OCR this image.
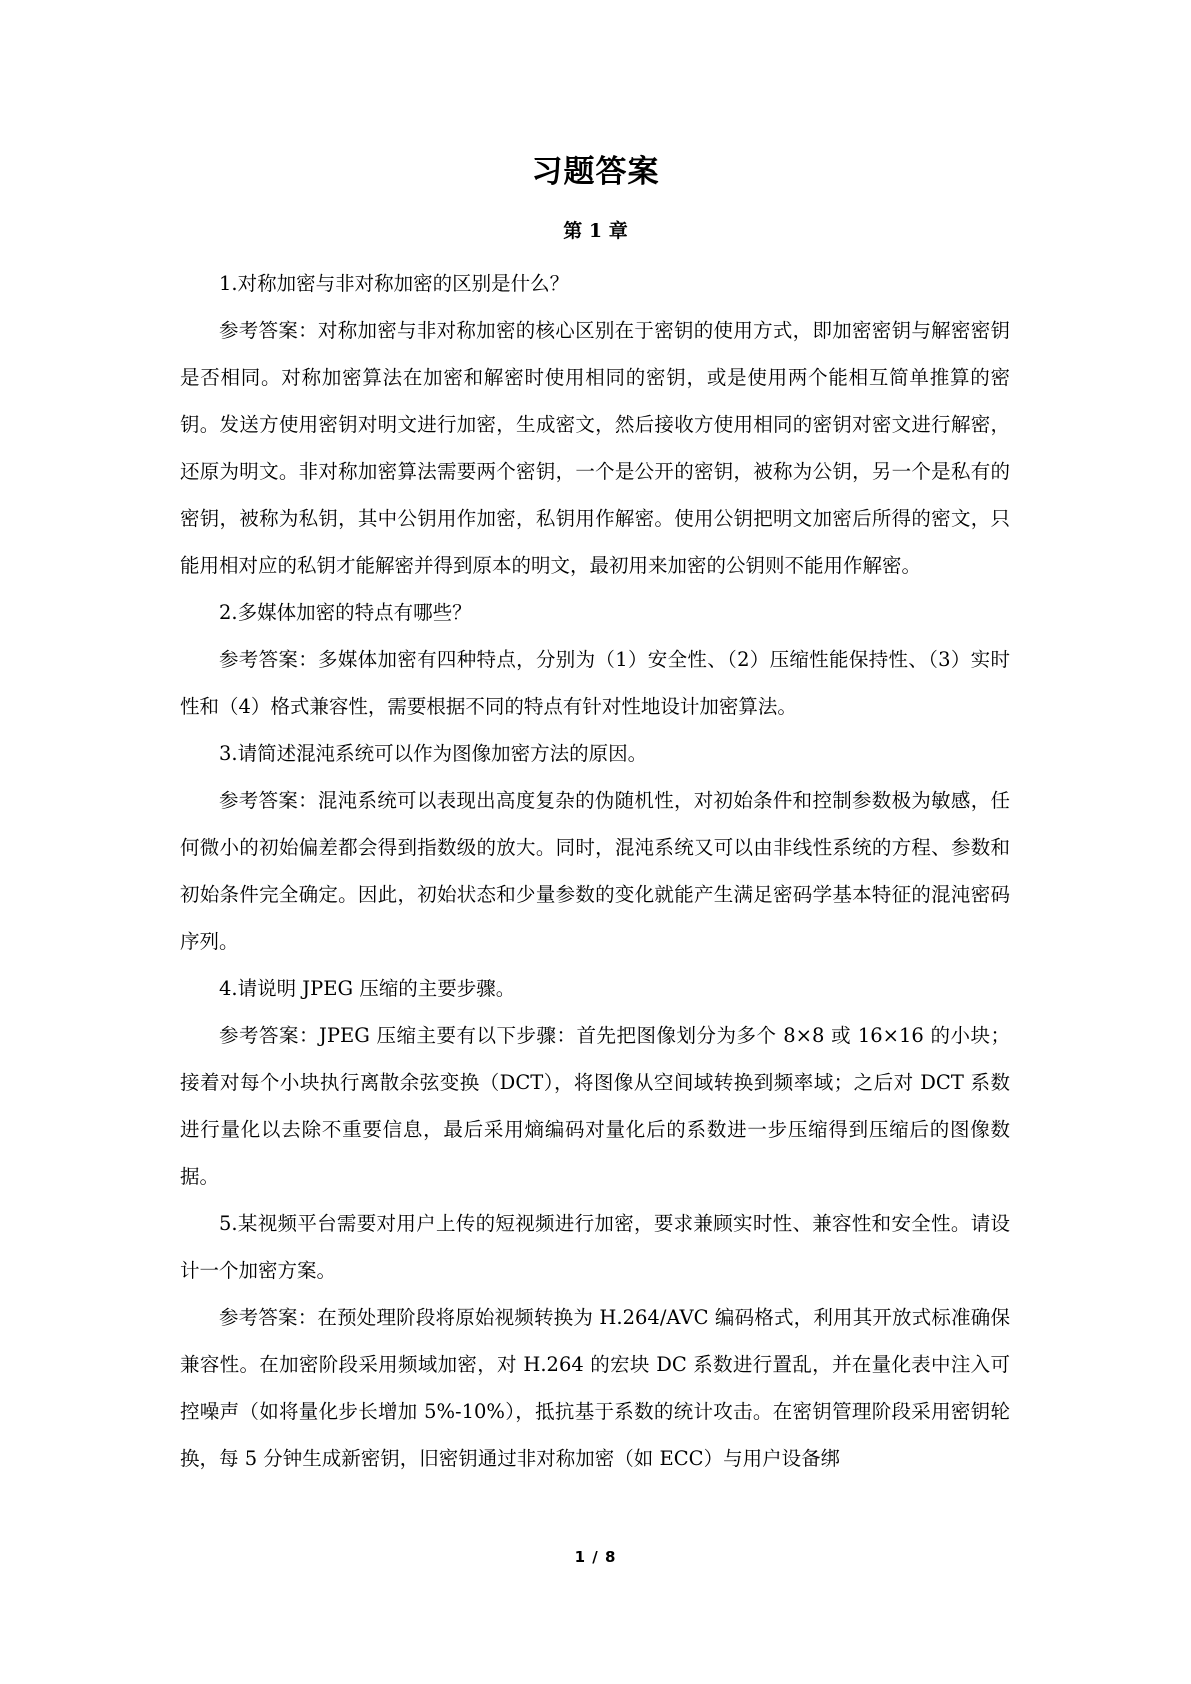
习题答案
第 1 章

1.对称加密与非对称加密的区别是什么？

参考答案：对称加密与非对称加密的核心区别在于密钥的使用方式，即加密密钥与解密密钥是否相同。对称加密算法在加密和解密时使用相同的密钥，或是使用两个能相互简单推算的密钥。发送方使用密钥对明文进行加密，生成密文，然后接收方使用相同的密钥对密文进行解密，还原为明文。非对称加密算法需要两个密钥，一个是公开的密钥，被称为公钥，另一个是私有的密钥，被称为私钥，其中公钥用作加密，私钥用作解密。使用公钥把明文加密后所得的密文，只能用相对应的私钥才能解密并得到原本的明文，最初用来加密的公钥则不能用作解密。

2.多媒体加密的特点有哪些？

参考答案：多媒体加密有四种特点，分别为（1）安全性、（2）压缩性能保持性、（3）实时性和（4）格式兼容性，需要根据不同的特点有针对性地设计加密算法。

3.请简述混沌系统可以作为图像加密方法的原因。

参考答案：混沌系统可以表现出高度复杂的伪随机性，对初始条件和控制参数极为敏感，任何微小的初始偏差都会得到指数级的放大。同时，混沌系统又可以由非线性系统的方程、参数和初始条件完全确定。因此，初始状态和少量参数的变化就能产生满足密码学基本特征的混沌密码序列。

4.请说明 JPEG 压缩的主要步骤。

参考答案：JPEG 压缩主要有以下步骤：首先把图像划分为多个 8×8 或 16×16 的小块；接着对每个小块执行离散余弦变换（DCT），将图像从空间域转换到频率域；之后对 DCT 系数进行量化以去除不重要信息，最后采用熵编码对量化后的系数进一步压缩得到压缩后的图像数据。

5.某视频平台需要对用户上传的短视频进行加密，要求兼顾实时性、兼容性和安全性。请设计一个加密方案。

参考答案：在预处理阶段将原始视频转换为 H.264/AVC 编码格式，利用其开放式标准确保兼容性。在加密阶段采用频域加密，对 H.264 的宏块 DC 系数进行置乱，并在量化表中注入可控噪声（如将量化步长增加 5%-10%），抵抗基于系数的统计攻击。在密钥管理阶段采用密钥轮换，每 5 分钟生成新密钥，旧密钥通过非对称加密（如 ECC）与用户设备绑

1 / 8
